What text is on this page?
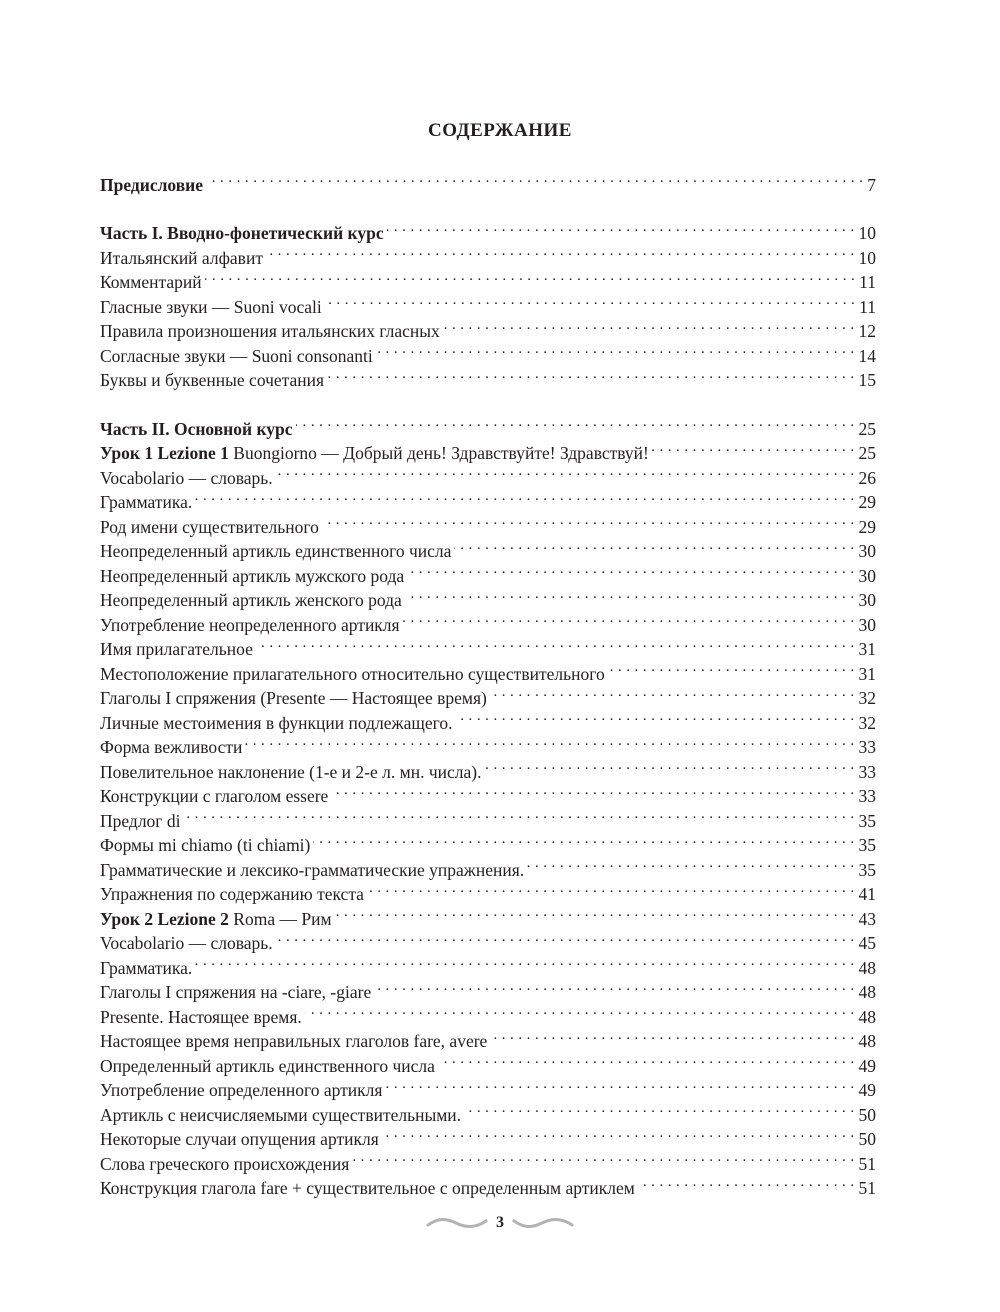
СОДЕРЖАНИЕ
Предисловие . . .	7
Часть I. Вводно-фонетический курс . . .	10
Итальянский алфавит . . .	10
Комментарий . . .	11
Гласные звуки — Suoni vocali . . .	11
Правила произношения итальянских гласных . . .	12
Согласные звуки — Suoni consonanti . . .	14
Буквы и буквенные сочетания . . .	15
Часть II. Основной курс . . .	25
Урок 1 Lezione 1 Buongiorno — Добрый день! Здравствуйте! Здравствуй! . . .	25
Vocabolario — словарь. . . .	26
Грамматика. . . .	29
Род имени существительного . . .	29
Неопределенный артикль единственного числа . . .	30
Неопределенный артикль мужского рода . . .	30
Неопределенный артикль женского рода . . .	30
Употребление неопределенного артикля . . .	30
Имя прилагательное . . .	31
Местоположение прилагательного относительно существительного . . .	31
Глаголы I спряжения (Presente — Настоящее время) . . .	32
Личные местоимения в функции подлежащего. . . .	32
Форма вежливости . . .	33
Повелительное наклонение (1-е и 2-е л. мн. числа). . . .	33
Конструкции с глаголом essere . . .	33
Предлог di . . .	35
Формы mi chiamo (ti chiami) . . .	35
Грамматические и лексико-грамматические упражнения. . . .	35
Упражнения по содержанию текста . . .	41
Урок 2 Lezione 2 Roma — Рим . . .	43
Vocabolario — словарь. . . .	45
Грамматика. . . .	48
Глаголы I спряжения на -ciare, -giare . . .	48
Presente. Настоящее время. . . .	48
Настоящее время неправильных глаголов fare, avere . . .	48
Определенный артикль единственного числа . . .	49
Употребление определенного артикля . . .	49
Артикль с неисчисляемыми существительными. . . .	50
Некоторые случаи опущения артикля . . .	50
Слова греческого происхождения . . .	51
Конструкция глагола fare + существительное с определенным артиклем . . .	51
3
